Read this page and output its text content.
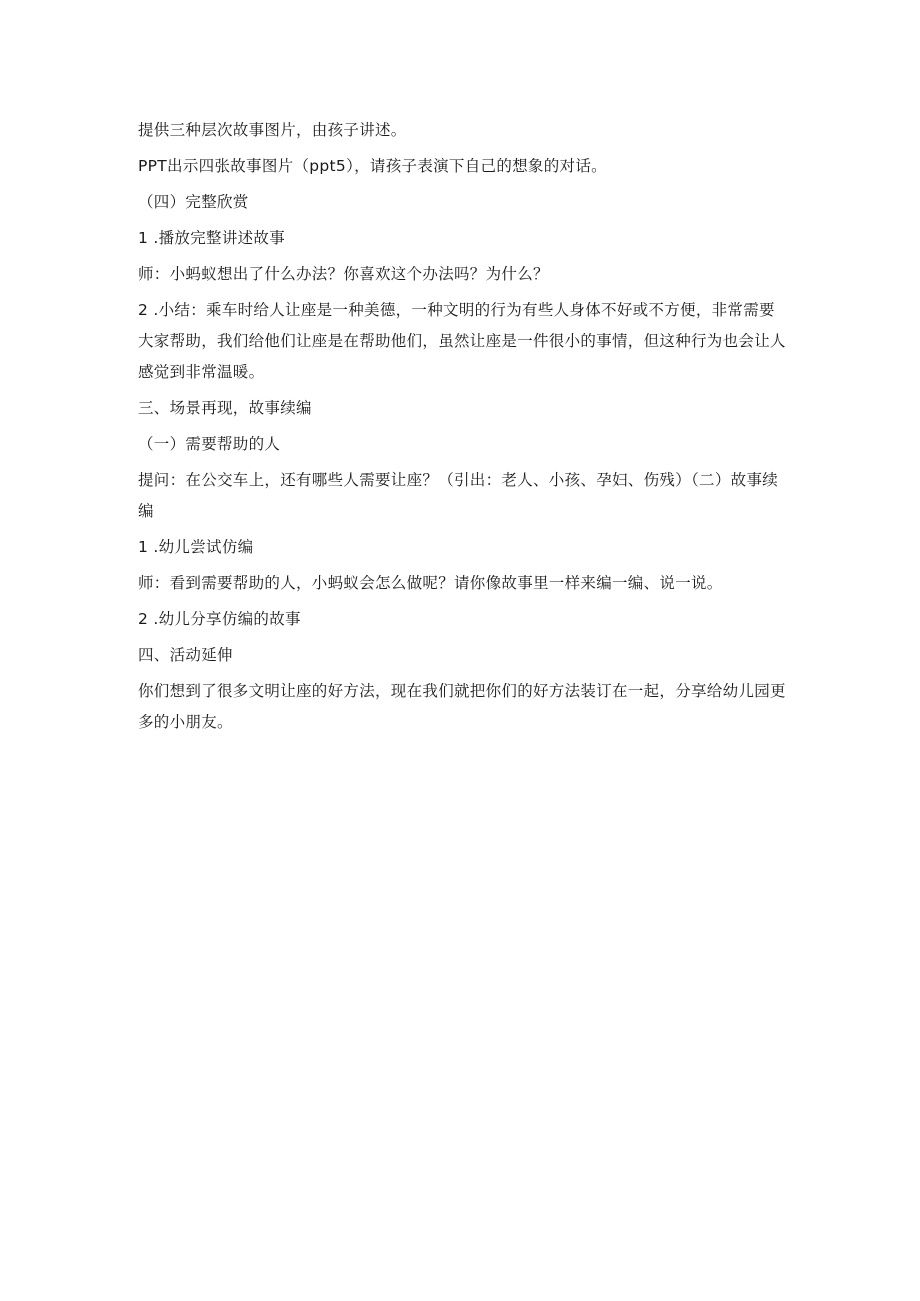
提供三种层次故事图片，由孩子讲述。

PPT出示四张故事图片（ppt5），请孩子表演下自己的想象的对话。

（四）完整欣赏

1 .播放完整讲述故事

师：小蚂蚁想出了什么办法？你喜欢这个办法吗？为什么？

2 .小结：乘车时给人让座是一种美德，一种文明的行为有些人身体不好或不方便，非常需要大家帮助，我们给他们让座是在帮助他们，虽然让座是一件很小的事情，但这种行为也会让人感觉到非常温暖。

三、场景再现，故事续编

（一）需要帮助的人

提问：在公交车上，还有哪些人需要让座？（引出：老人、小孩、孕妇、伤残）（二）故事续编

1 .幼儿尝试仿编

师：看到需要帮助的人，小蚂蚁会怎么做呢？请你像故事里一样来编一编、说一说。

2 .幼儿分享仿编的故事

四、活动延伸

你们想到了很多文明让座的好方法，现在我们就把你们的好方法装订在一起，分享给幼儿园更多的小朋友。
